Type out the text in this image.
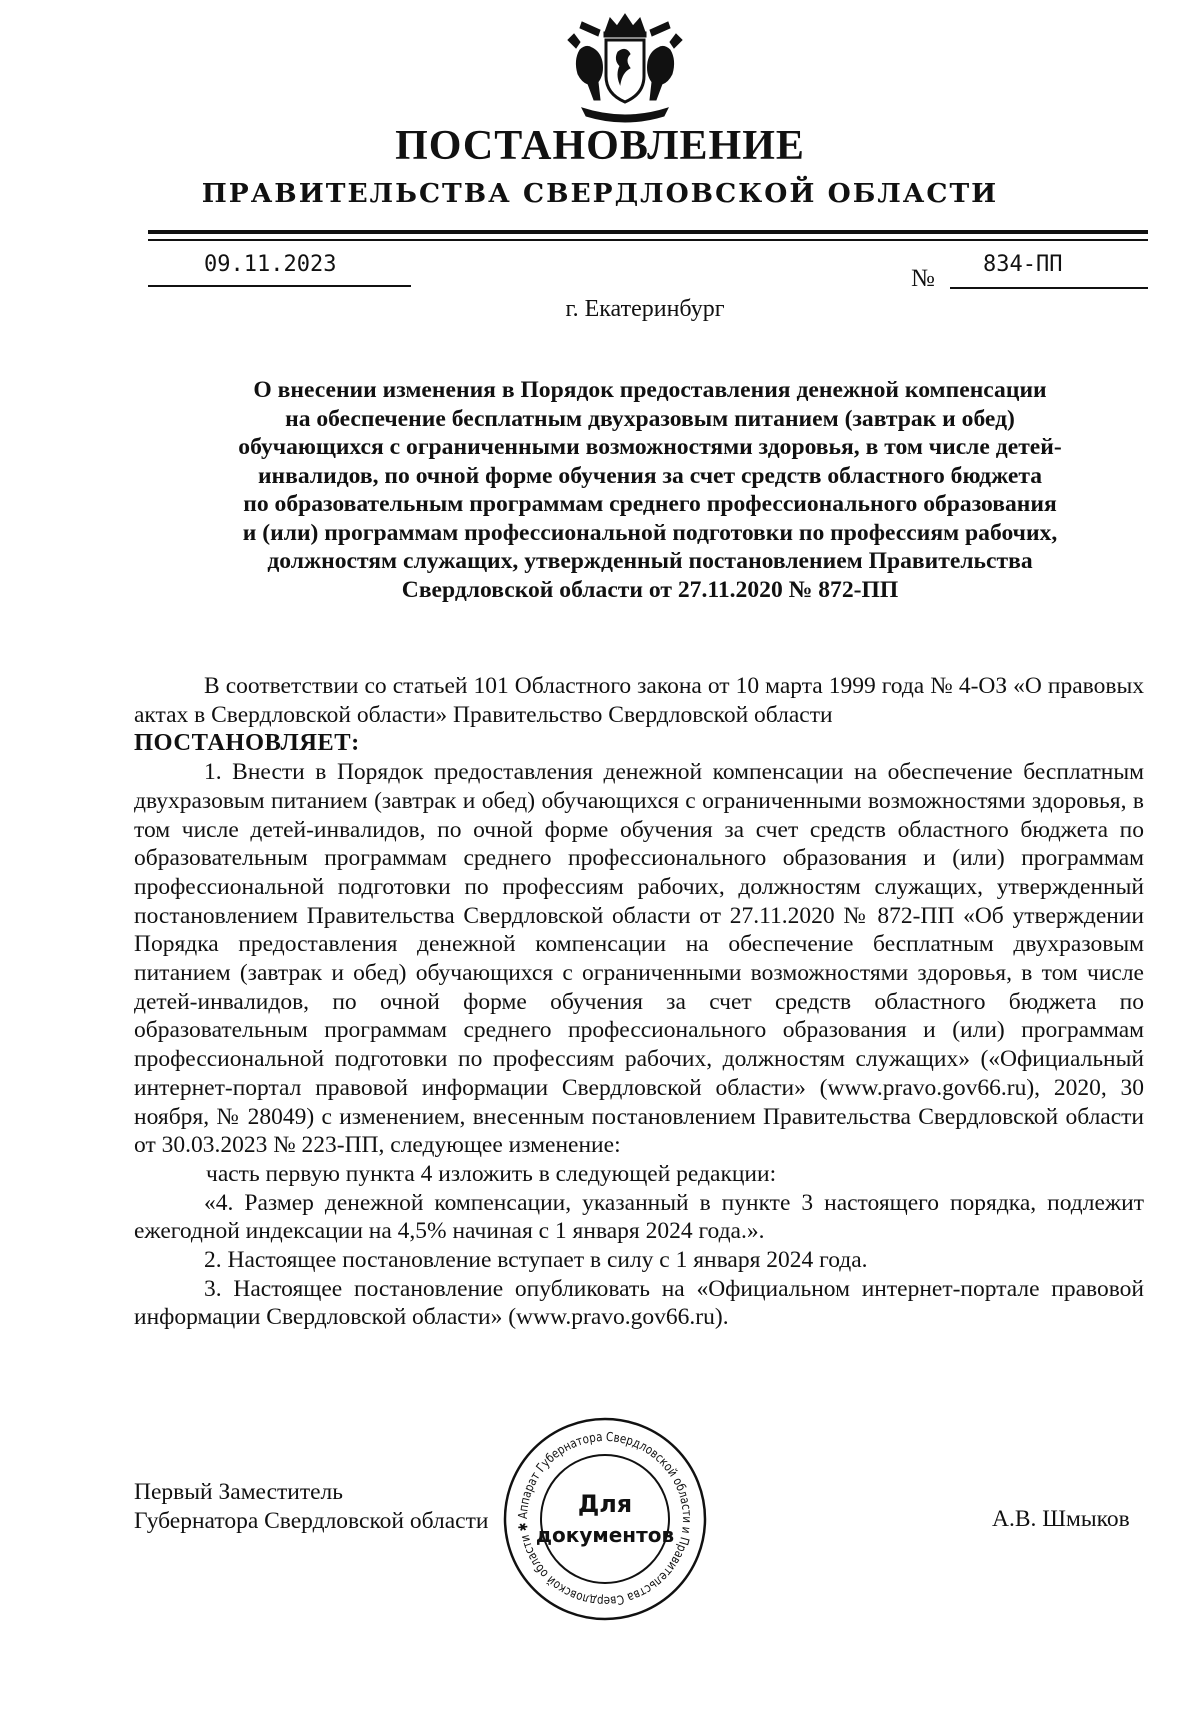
ПОСТАНОВЛЕНИЕ
ПРАВИТЕЛЬСТВА СВЕРДЛОВСКОЙ ОБЛАСТИ
09.11.2023
№
834-ПП
г. Екатеринбург
О внесении изменения в Порядок предоставления денежной компенсации
на обеспечение бесплатным двухразовым питанием (завтрак и обед)
обучающихся с ограниченными возможностями здоровья, в том числе детей-
инвалидов, по очной форме обучения за счет средств областного бюджета
по образовательным программам среднего профессионального образования
и (или) программам профессиональной подготовки по профессиям рабочих,
должностям служащих, утвержденный постановлением Правительства
Свердловской области от 27.11.2020 № 872-ПП

В соответствии со статьей 101 Областного закона от 10 марта 1999 года № 4-ОЗ «О правовых актах в Свердловской области» Правительство Свердловской области

ПОСТАНОВЛЯЕТ:

1. Внести в Порядок предоставления денежной компенсации на обеспечение бесплатным двухразовым питанием (завтрак и обед) обучающихся с ограниченными возможностями здоровья, в том числе детей-инвалидов, по очной форме обучения за счет средств областного бюджета по образовательным программам среднего профессионального образования и (или) программам профессиональной подготовки по профессиям рабочих, должностям служащих, утвержденный постановлением Правительства Свердловской области от 27.11.2020 № 872-ПП «Об утверждении Порядка предоставления денежной компенсации на обеспечение бесплатным двухразовым питанием (завтрак и обед) обучающихся с ограниченными возможностями здоровья, в том числе детей-инвалидов, по очной форме обучения за счет средств областного бюджета по образовательным программам среднего профессионального образования и (или) программам профессиональной подготовки по профессиям рабочих, должностям служащих» («Официальный интернет-портал правовой информации Свердловской области» (www.pravo.gov66.ru), 2020, 30 ноября, № 28049) с изменением, внесенным постановлением Правительства Свердловской области от 30.03.2023 № 223-ПП, следующее изменение:

часть первую пункта 4 изложить в следующей редакции:

«4. Размер денежной компенсации, указанный в пункте 3 настоящего порядка, подлежит ежегодной индексации на 4,5% начиная с 1 января 2024 года.».

2. Настоящее постановление вступает в силу с 1 января 2024 года.

3. Настоящее постановление опубликовать на «Официальном интернет-портале правовой информации Свердловской области» (www.pravo.gov66.ru).

Первый Заместитель
Губернатора Свердловской области	А.В. Шмыков
Аппарат Губернатора Свердловской области и Правительства Свердловской области ✱
Для
документов
